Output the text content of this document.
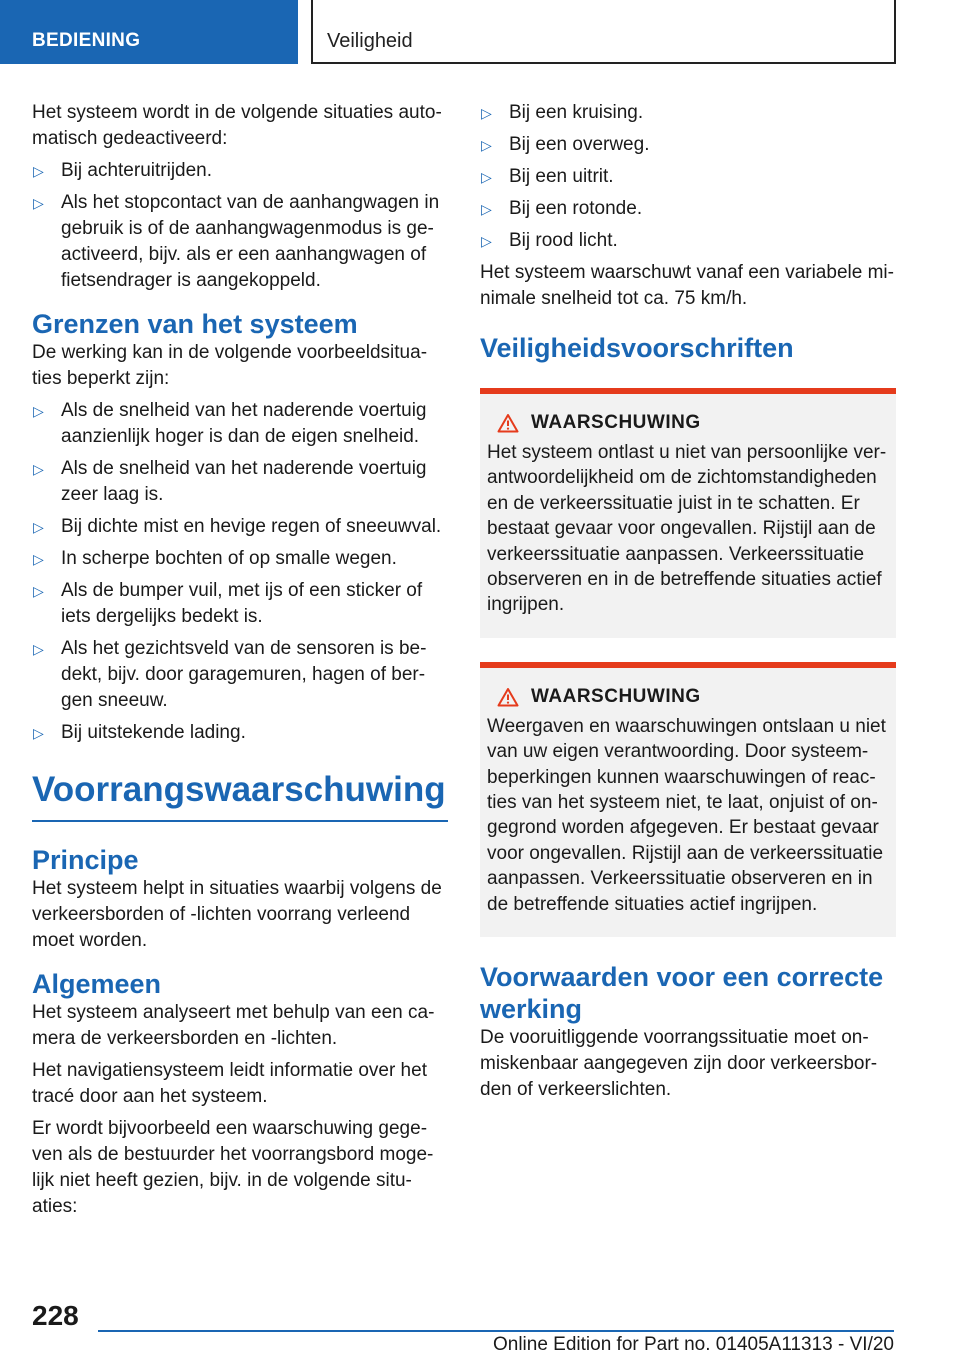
BEDIENING	Veiligheid

Het systeem wordt in de volgende situaties automatisch gedeactiveerd:

▷ Bij achteruitrijden.
▷ Als het stopcontact van de aanhangwagen in gebruik is of de aanhangwagenmodus is geactiveerd, bijv. als er een aanhangwagen of fietsendrager is aangekoppeld.
Grenzen van het systeem

De werking kan in de volgende voorbeeldsituaties beperkt zijn:

▷ Als de snelheid van het naderende voertuig aanzienlijk hoger is dan de eigen snelheid.
▷ Als de snelheid van het naderende voertuig zeer laag is.
▷ Bij dichte mist en hevige regen of sneeuwval.
▷ In scherpe bochten of op smalle wegen.
▷ Als de bumper vuil, met ijs of een sticker of iets dergelijks bedekt is.
▷ Als het gezichtsveld van de sensoren is bedekt, bijv. door garagemuren, hagen of bergen sneeuw.
▷ Bij uitstekende lading.
Voorrangswaarschuwing
Principe

Het systeem helpt in situaties waarbij volgens de verkeersborden of -lichten voorrang verleend moet worden.

Algemeen

Het systeem analyseert met behulp van een camera de verkeersborden en -lichten.

Het navigatiensysteem leidt informatie over het tracé door aan het systeem.

Er wordt bijvoorbeeld een waarschuwing gegeven als de bestuurder het voorrangsbord mogelijk niet heeft gezien, bijv. in de volgende situaties:

▷ Bij een kruising.
▷ Bij een overweg.
▷ Bij een uitrit.
▷ Bij een rotonde.
▷ Bij rood licht.

Het systeem waarschuwt vanaf een variabele minimale snelheid tot ca. 75 km/h.

Veiligheidsvoorschriften
WAARSCHUWING

Het systeem ontlast u niet van persoonlijke verantwoordelijkheid om de zichtomstandigheden en de verkeerssituatie juist in te schatten. Er bestaat gevaar voor ongevallen. Rijstijl aan de verkeerssituatie aanpassen. Verkeerssituatie observeren en in de betreffende situaties actief ingrijpen.

WAARSCHUWING

Weergaven en waarschuwingen ontslaan u niet van uw eigen verantwoording. Door systeembeperkingen kunnen waarschuwingen of reacties van het systeem niet, te laat, onjuist of ongegrond worden afgegeven. Er bestaat gevaar voor ongevallen. Rijstijl aan de verkeerssituatie aanpassen. Verkeerssituatie observeren en in de betreffende situaties actief ingrijpen.

Voorwaarden voor een correcte werking

De vooruitliggende voorrangssituatie moet onmiskenbaar aangegeven zijn door verkeersborden of verkeerslichten.

228
Online Edition for Part no. 01405A11313 - VI/20
